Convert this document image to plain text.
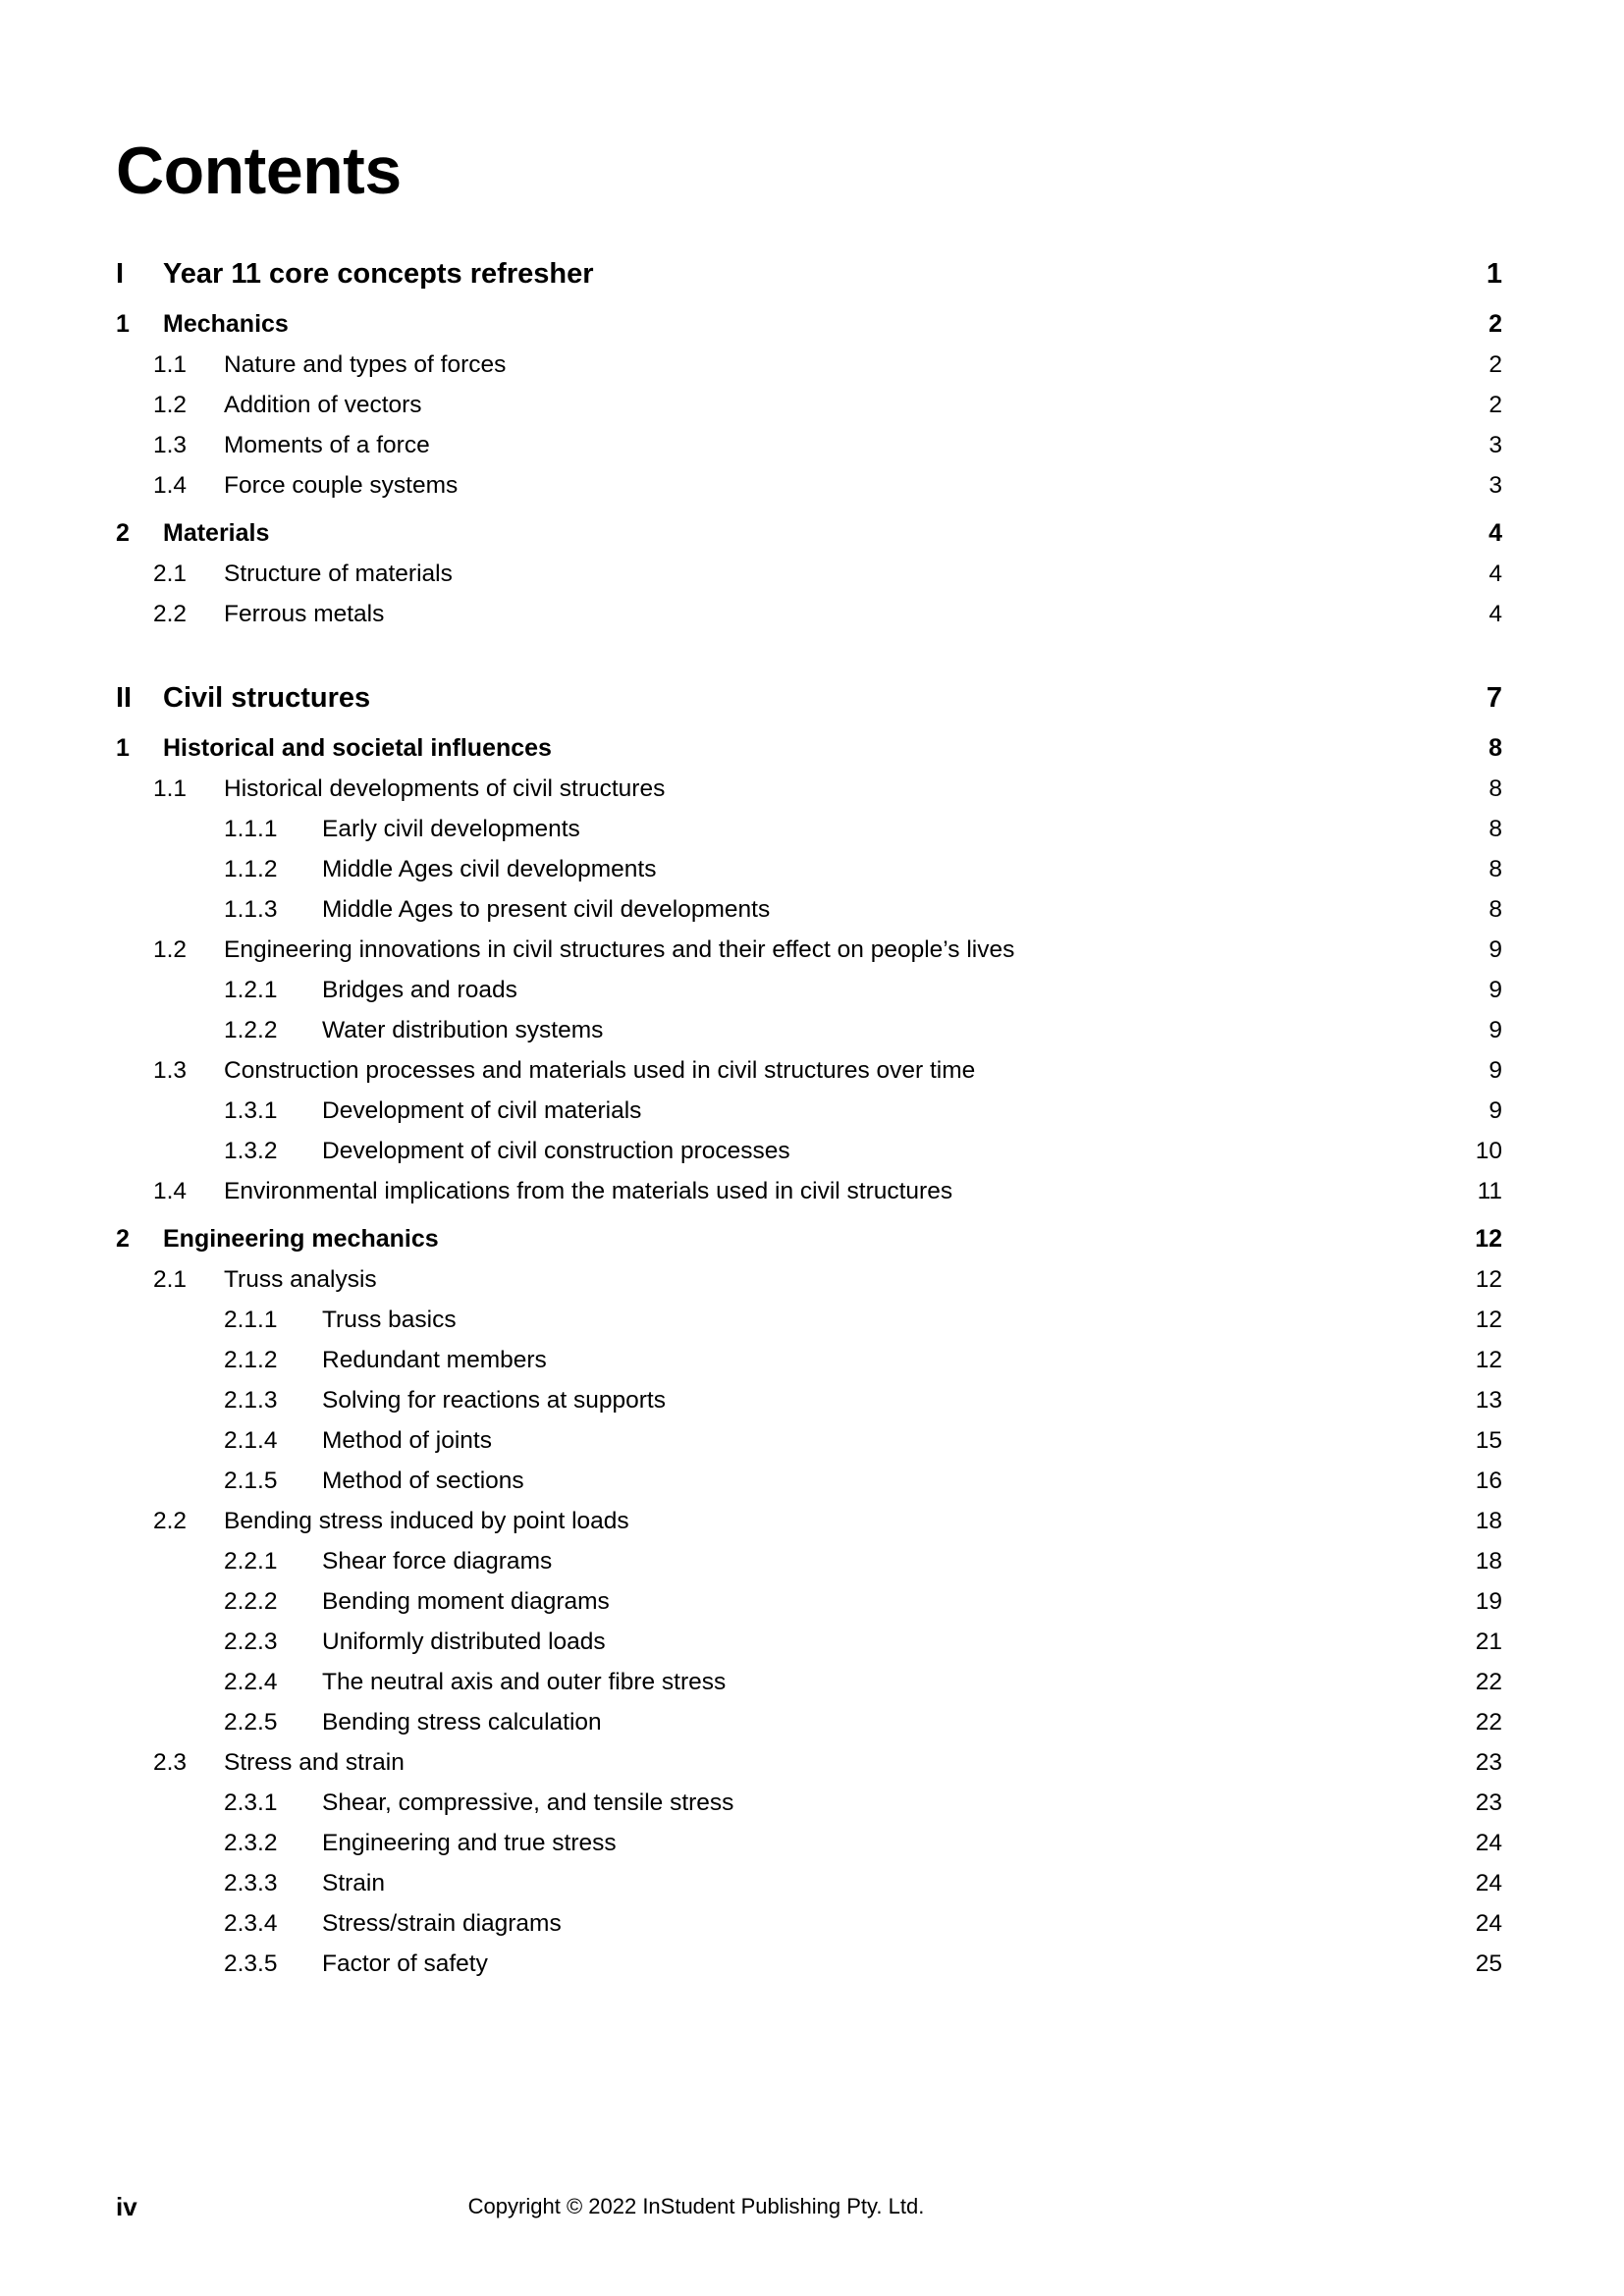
Contents
I	Year 11 core concepts refresher	1
1	Mechanics	2
1.1	Nature and types of forces	2
1.2	Addition of vectors	2
1.3	Moments of a force	3
1.4	Force couple systems	3
2	Materials	4
2.1	Structure of materials	4
2.2	Ferrous metals	4
II	Civil structures	7
1	Historical and societal influences	8
1.1	Historical developments of civil structures	8
1.1.1	Early civil developments	8
1.1.2	Middle Ages civil developments	8
1.1.3	Middle Ages to present civil developments	8
1.2	Engineering innovations in civil structures and their effect on people’s lives	9
1.2.1	Bridges and roads	9
1.2.2	Water distribution systems	9
1.3	Construction processes and materials used in civil structures over time	9
1.3.1	Development of civil materials	9
1.3.2	Development of civil construction processes	10
1.4	Environmental implications from the materials used in civil structures	11
2	Engineering mechanics	12
2.1	Truss analysis	12
2.1.1	Truss basics	12
2.1.2	Redundant members	12
2.1.3	Solving for reactions at supports	13
2.1.4	Method of joints	15
2.1.5	Method of sections	16
2.2	Bending stress induced by point loads	18
2.2.1	Shear force diagrams	18
2.2.2	Bending moment diagrams	19
2.2.3	Uniformly distributed loads	21
2.2.4	The neutral axis and outer fibre stress	22
2.2.5	Bending stress calculation	22
2.3	Stress and strain	23
2.3.1	Shear, compressive, and tensile stress	23
2.3.2	Engineering and true stress	24
2.3.3	Strain	24
2.3.4	Stress/strain diagrams	24
2.3.5	Factor of safety	25
iv	Copyright © 2022 InStudent Publishing Pty. Ltd.
